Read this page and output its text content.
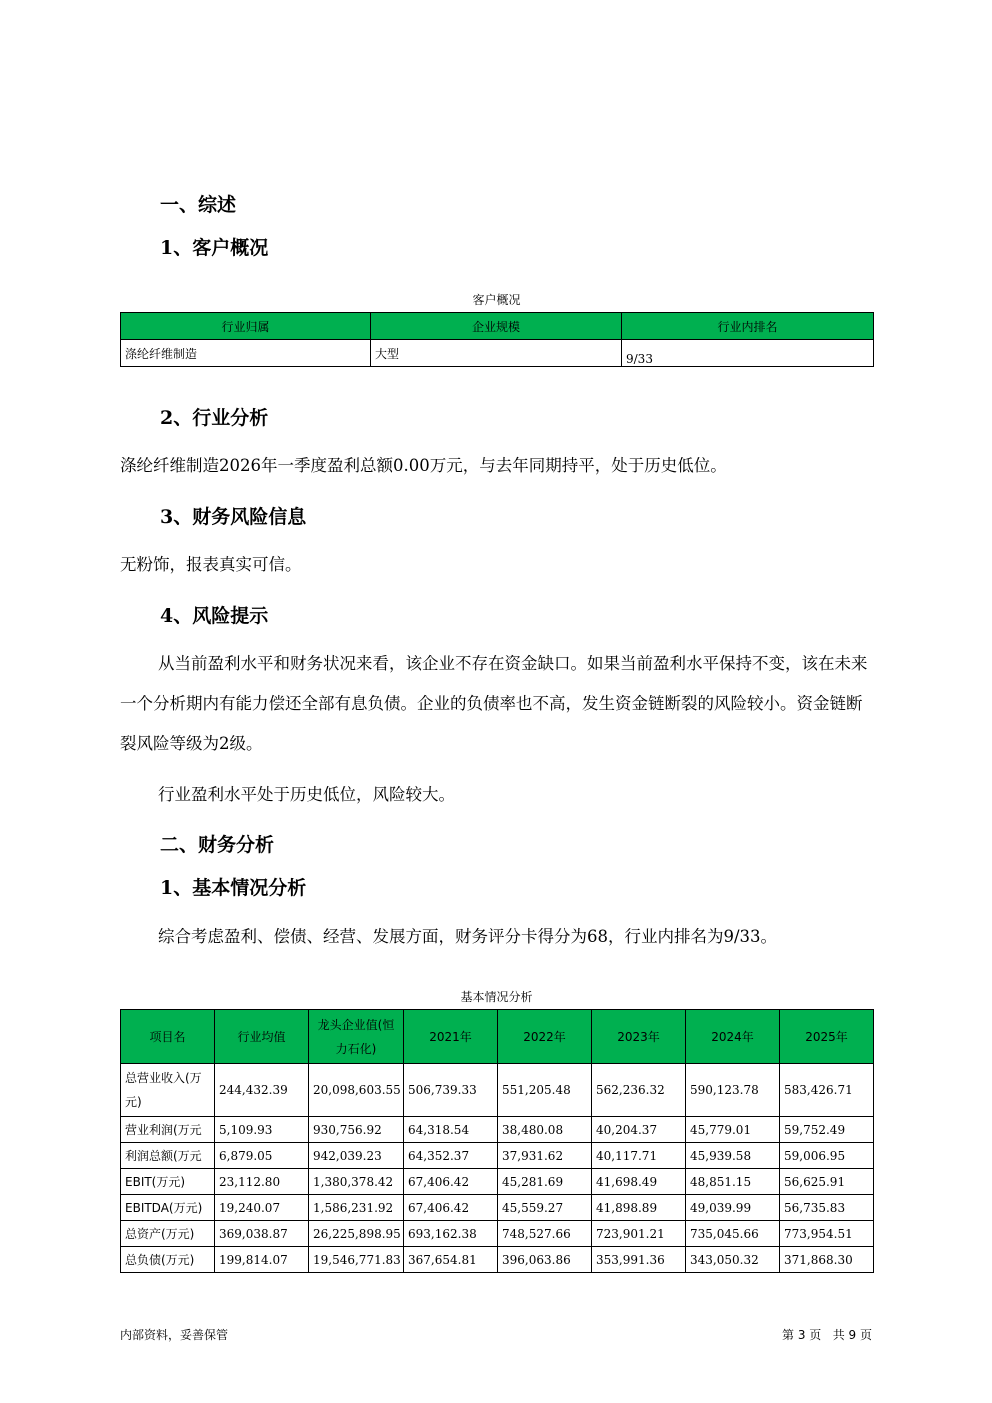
一、综述
1、客户概况
客户概况
行业归属	企业规模	行业内排名
涤纶纤维制造	大型	9/33
2、行业分析

涤纶纤维制造2026年一季度盈利总额0.00万元，与去年同期持平，处于历史低位。

3、财务风险信息

无粉饰，报表真实可信。

4、风险提示

从当前盈利水平和财务状况来看，该企业不存在资金缺口。如果当前盈利水平保持不变，该在未来一个分析期内有能力偿还全部有息负债。企业的负债率也不高，发生资金链断裂的风险较小。资金链断裂风险等级为2级。

行业盈利水平处于历史低位，风险较大。

二、财务分析
1、基本情况分析

综合考虑盈利、偿债、经营、发展方面，财务评分卡得分为68，行业内排名为9/33。

基本情况分析
项目名	行业均值	龙头企业值(恒力石化)	2021年	2022年	2023年	2024年	2025年
总营业收入(万元)	244,432.39	20,098,603.55	506,739.33	551,205.48	562,236.32	590,123.78	583,426.71
营业利润(万元	5,109.93	930,756.92	64,318.54	38,480.08	40,204.37	45,779.01	59,752.49
利润总额(万元	6,879.05	942,039.23	64,352.37	37,931.62	40,117.71	45,939.58	59,006.95
EBIT(万元)	23,112.80	1,380,378.42	67,406.42	45,281.69	41,698.49	48,851.15	56,625.91
EBITDA(万元)	19,240.07	1,586,231.92	67,406.42	45,559.27	41,898.89	49,039.99	56,735.83
总资产(万元)	369,038.87	26,225,898.95	693,162.38	748,527.66	723,901.21	735,045.66	773,954.51
总负债(万元)	199,814.07	19,546,771.83	367,654.81	396,063.86	353,991.36	343,050.32	371,868.30
内部资料，妥善保管	第 3 页   共 9 页
